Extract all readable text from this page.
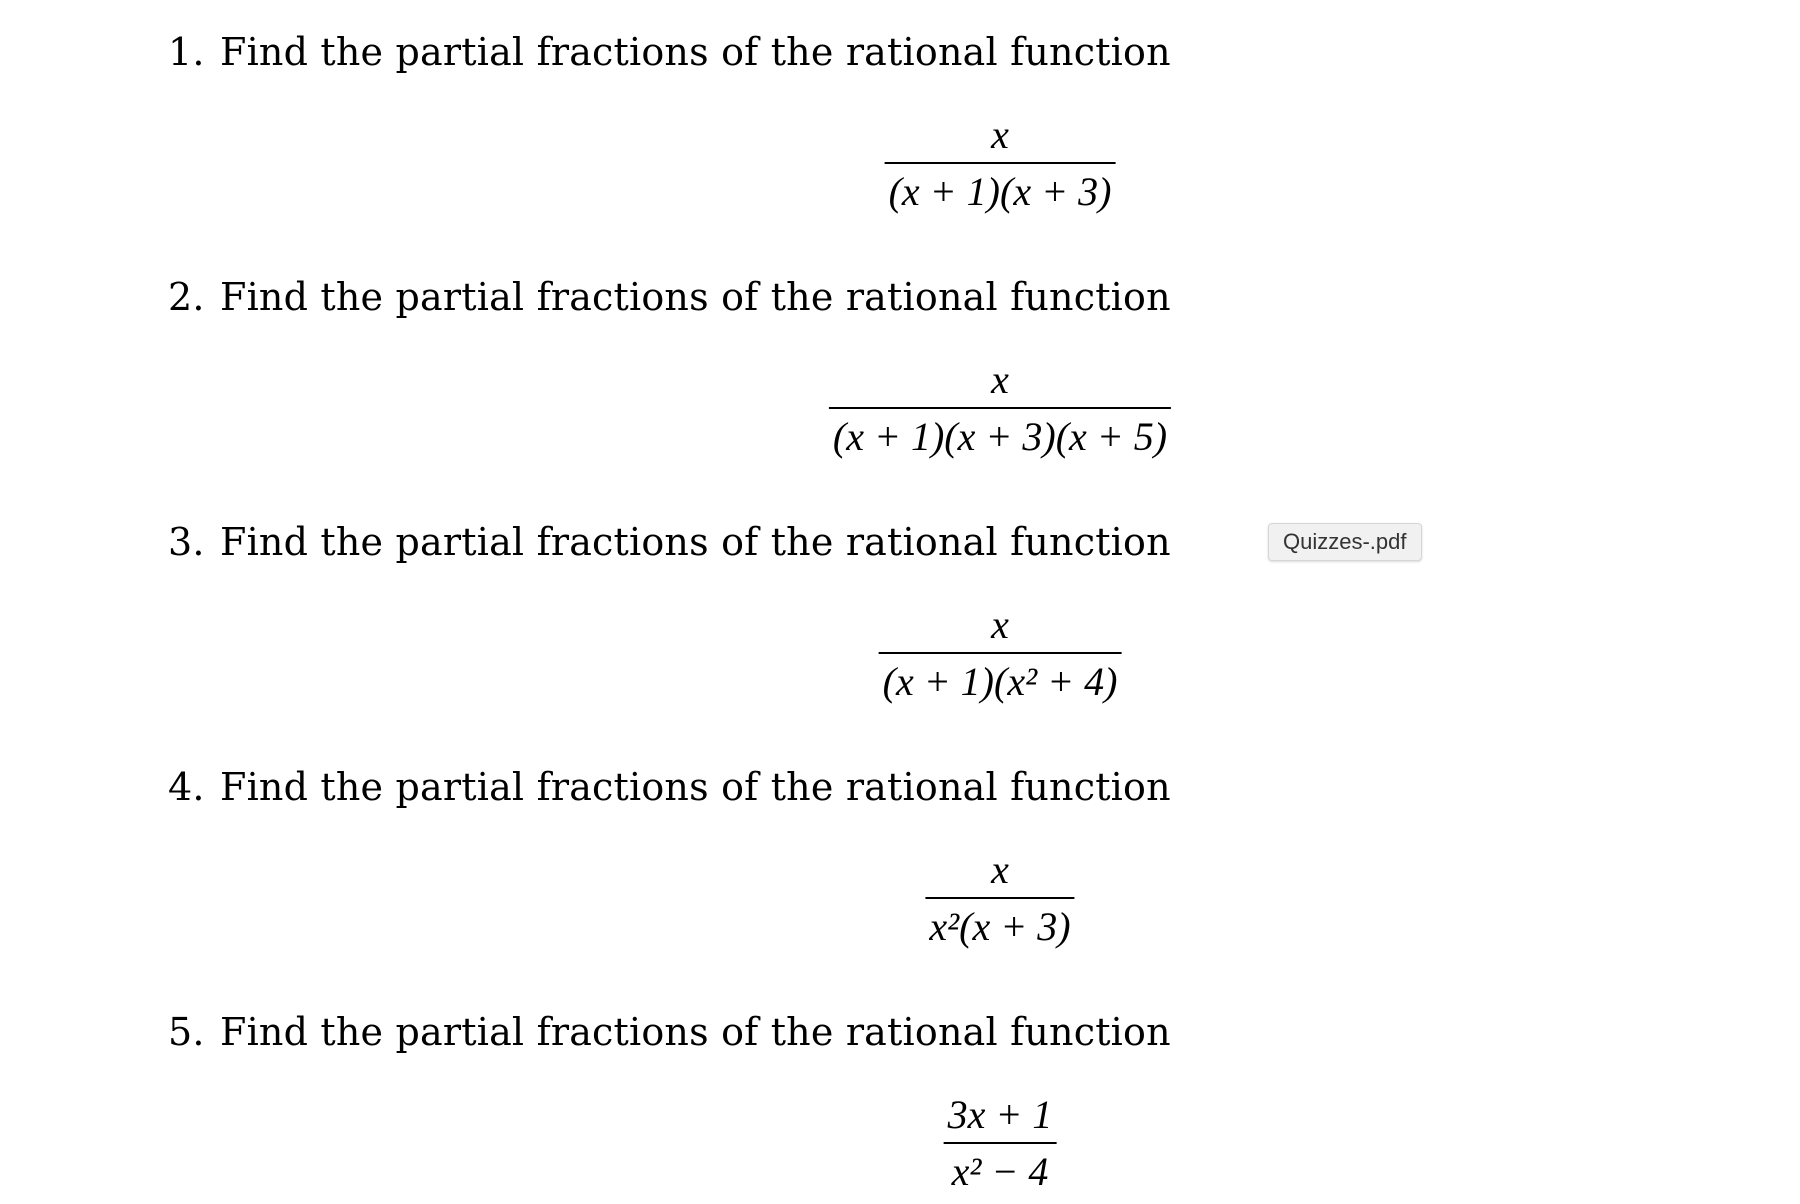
1. Find the partial fractions of the rational function
x
(x + 1)(x + 3)
2. Find the partial fractions of the rational function
x
(x + 1)(x + 3)(x + 5)
3. Find the partial fractions of the rational function
x
(x + 1)(x² + 4)
4. Find the partial fractions of the rational function
x
x²(x + 3)
5. Find the partial fractions of the rational function
3x + 1
x² − 4
Quizzes-.pdf
